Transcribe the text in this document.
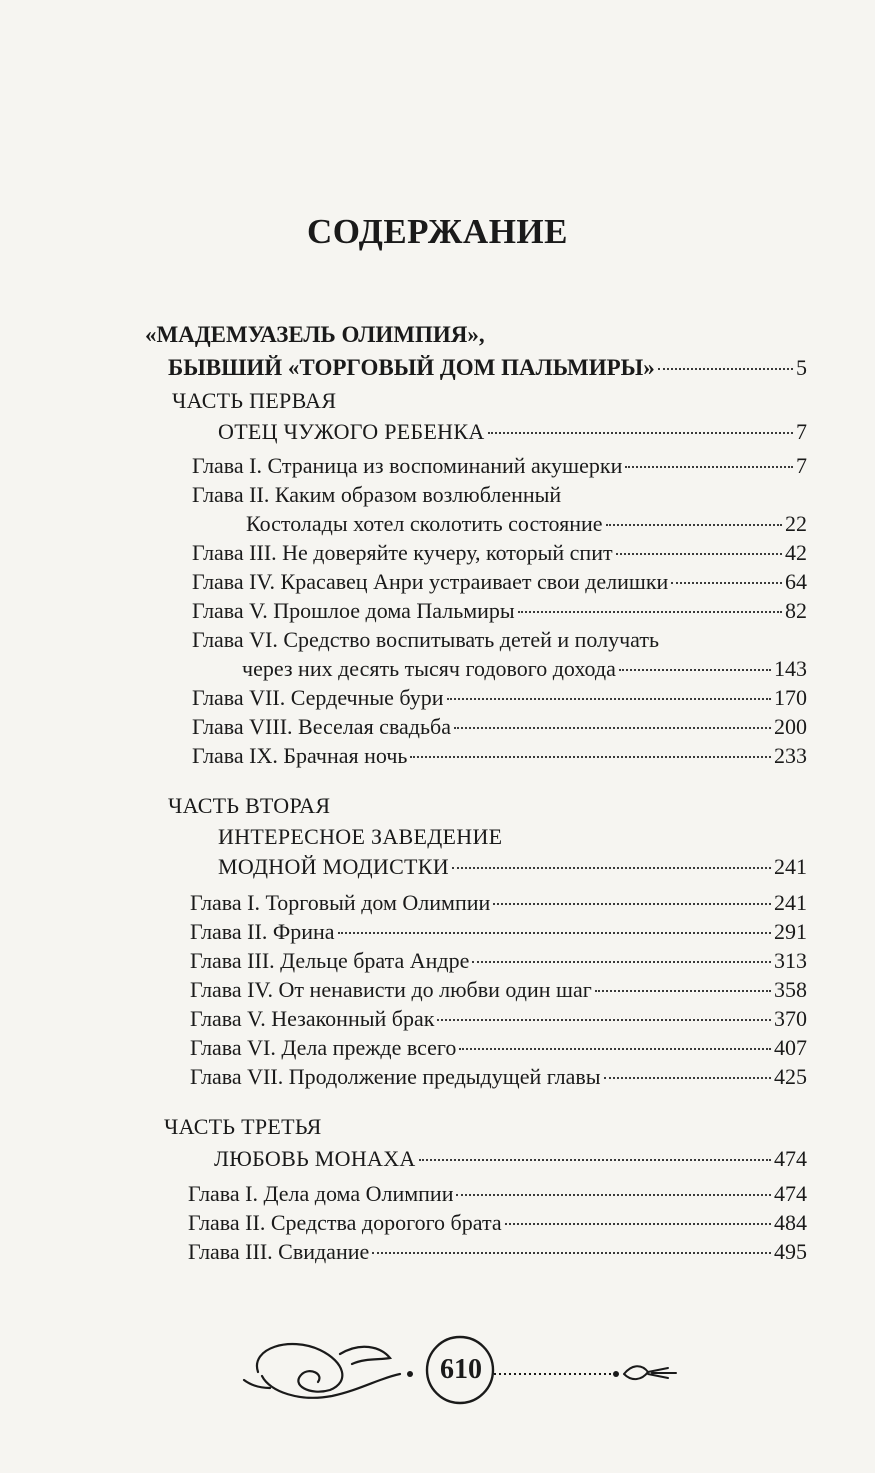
СОДЕРЖАНИЕ
«МАДЕМУАЗЕЛЬ ОЛИМПИЯ»,
БЫВШИЙ «ТОРГОВЫЙ ДОМ ПАЛЬМИРЫ»	5
ЧАСТЬ ПЕРВАЯ
ОТЕЦ ЧУЖОГО РЕБЕНКА	7
Глава I. Страница из воспоминаний акушерки	7
Глава II. Каким образом возлюбленный
Костолады хотел сколотить состояние	22
Глава III. Не доверяйте кучеру, который спит	42
Глава IV. Красавец Анри устраивает свои делишки	64
Глава V. Прошлое дома Пальмиры	82
Глава VI. Средство воспитывать детей и получать
через них десять тысяч годового дохода	143
Глава VII. Сердечные бури	170
Глава VIII. Веселая свадьба	200
Глава IX. Брачная ночь	233
ЧАСТЬ ВТОРАЯ
ИНТЕРЕСНОЕ ЗАВЕДЕНИЕ
МОДНОЙ МОДИСТКИ	241
Глава I. Торговый дом Олимпии	241
Глава II. Фрина	291
Глава III. Дельце брата Андре	313
Глава IV. От ненависти до любви один шаг	358
Глава V. Незаконный брак	370
Глава VI. Дела прежде всего	407
Глава VII. Продолжение предыдущей главы	425
ЧАСТЬ ТРЕТЬЯ
ЛЮБОВЬ МОНАХА	474
Глава I. Дела дома Олимпии	474
Глава II. Средства дорогого брата	484
Глава III. Свидание	495
610
